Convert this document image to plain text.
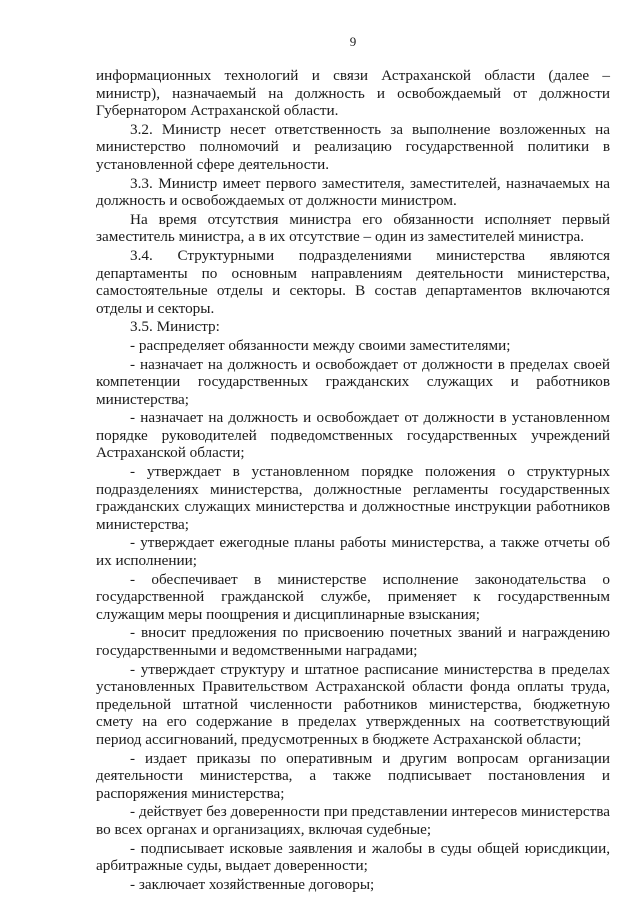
9

информационных технологий и связи Астраханской области (далее – министр), назначаемый на должность и освобождаемый от должности Губернатором Астраханской области.

3.2. Министр несет ответственность за выполнение возложенных на министерство полномочий и реализацию государственной политики в установленной сфере деятельности.

3.3. Министр имеет первого заместителя, заместителей, назначаемых на должность и освобождаемых от должности министром.

На время отсутствия министра его обязанности исполняет первый заместитель министра, а в их отсутствие – один из заместителей министра.

3.4. Структурными подразделениями министерства являются департаменты по основным направлениям деятельности министерства, самостоятельные отделы и секторы. В состав департаментов включаются отделы и секторы.

3.5. Министр:

- распределяет обязанности между своими заместителями;

- назначает на должность и освобождает от должности в пределах своей компетенции государственных гражданских служащих и работников министерства;

- назначает на должность и освобождает от должности в установленном порядке руководителей подведомственных государственных учреждений Астраханской области;

- утверждает в установленном порядке положения о структурных подразделениях министерства, должностные регламенты государственных гражданских служащих министерства и должностные инструкции работников министерства;

- утверждает ежегодные планы работы министерства, а также отчеты об их исполнении;

- обеспечивает в министерстве исполнение законодательства о государственной гражданской службе, применяет к государственным служащим меры поощрения и дисциплинарные взыскания;

- вносит предложения по присвоению почетных званий и награждению государственными и ведомственными наградами;

- утверждает структуру и штатное расписание министерства в пределах установленных Правительством Астраханской области фонда оплаты труда, предельной штатной численности работников министерства, бюджетную смету на его содержание в пределах утвержденных на соответствующий период ассигнований, предусмотренных в бюджете Астраханской области;

- издает приказы по оперативным и другим вопросам организации деятельности министерства, а также подписывает постановления и распоряжения министерства;

- действует без доверенности при представлении интересов министерства во всех органах и организациях, включая судебные;

- подписывает исковые заявления и жалобы в суды общей юрисдикции, арбитражные суды, выдает доверенности;

- заключает хозяйственные договоры;
